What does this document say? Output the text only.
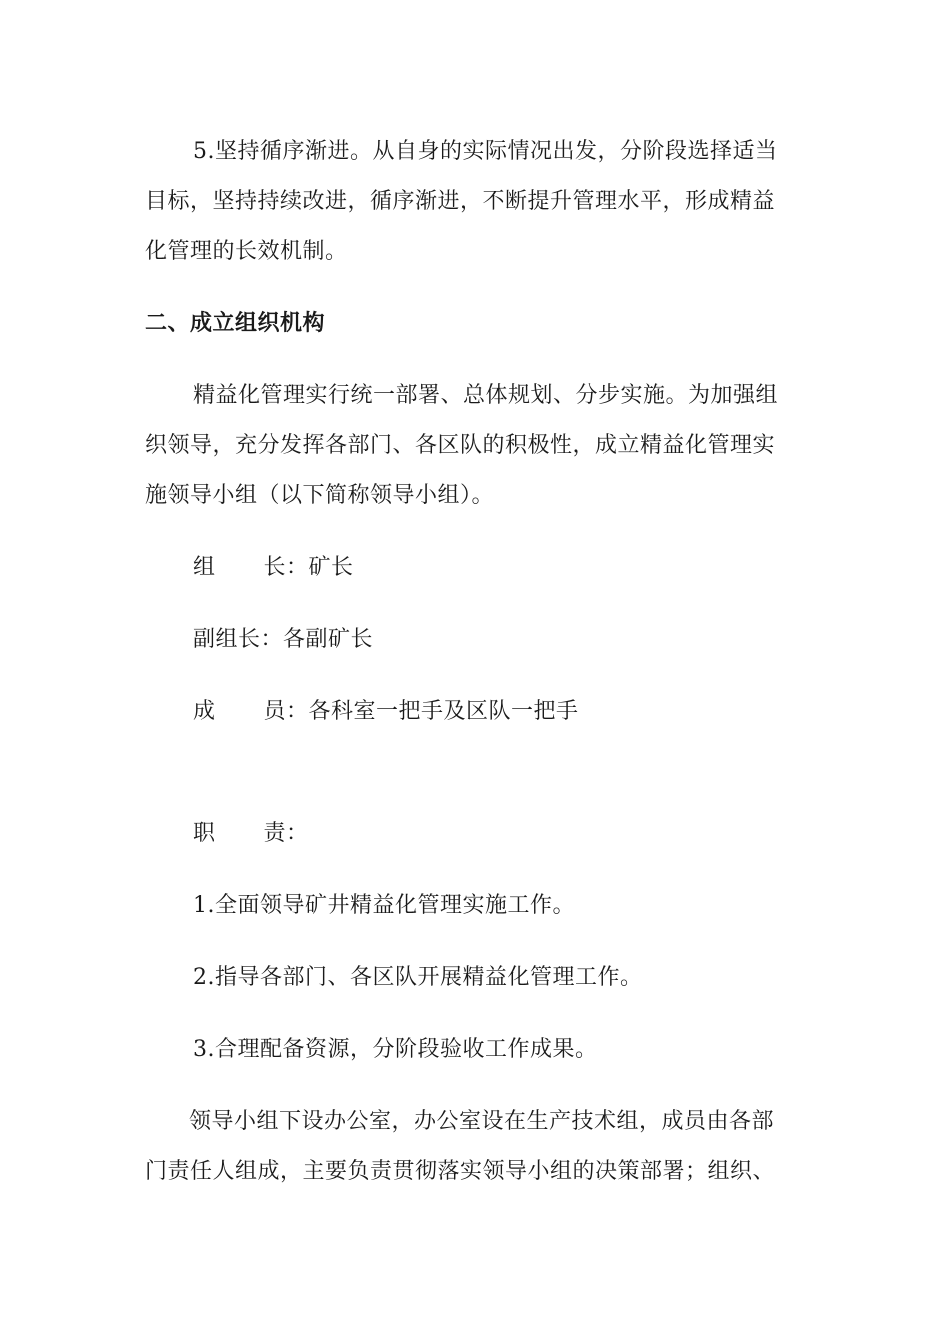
5.坚持循序渐进。从自身的实际情况出发，分阶段选择适当

目标，坚持持续改进，循序渐进，不断提升管理水平，形成精益

化管理的长效机制。

二、成立组织机构

精益化管理实行统一部署、总体规划、分步实施。为加强组

织领导，充分发挥各部门、各区队的积极性，成立精益化管理实

施领导小组（以下简称领导小组）。

组 长：矿长

副组长：各副矿长

成 员：各科室一把手及区队一把手

职 责：

1.全面领导矿井精益化管理实施工作。

2.指导各部门、各区队开展精益化管理工作。

3.合理配备资源，分阶段验收工作成果。

领导小组下设办公室，办公室设在生产技术组，成员由各部

门责任人组成，主要负责贯彻落实领导小组的决策部署；组织、
